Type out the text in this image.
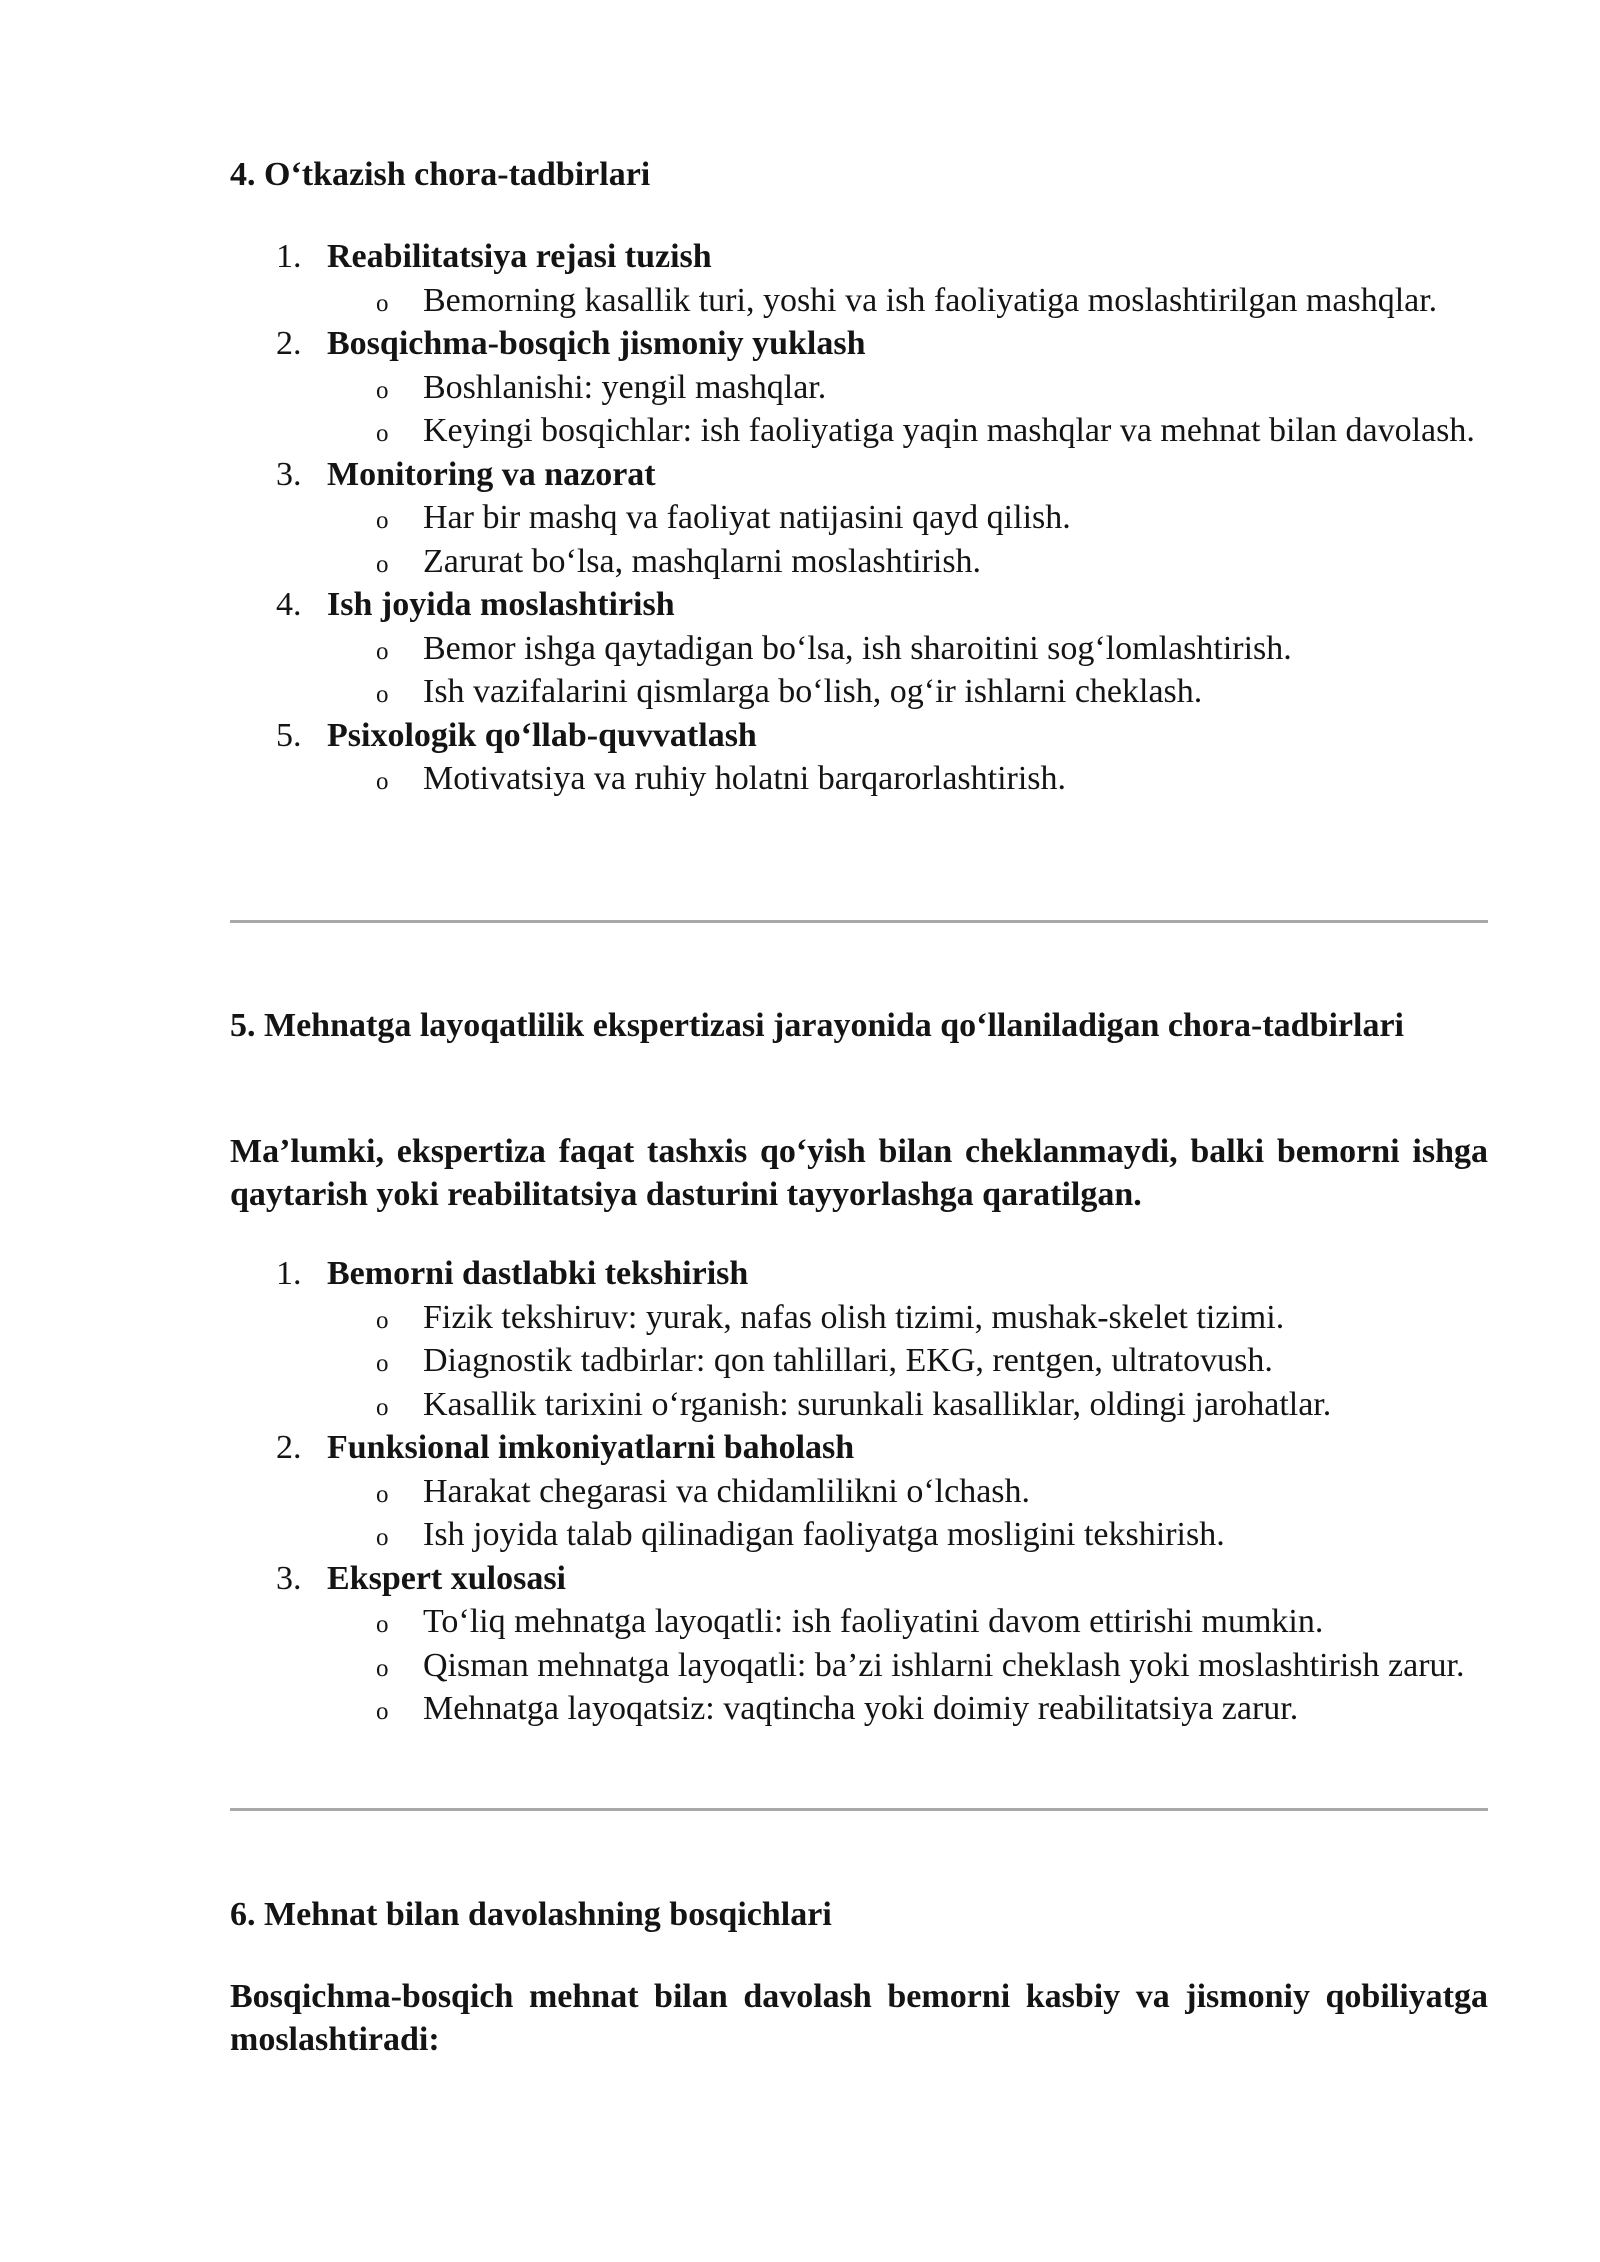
4. O‘tkazish chora-tadbirlari
1. Reabilitatsiya rejasi tuzish
o Bemorning kasallik turi, yoshi va ish faoliyatiga moslashtirilgan mashqlar.
2. Bosqichma-bosqich jismoniy yuklash
o Boshlanishi: yengil mashqlar.
o Keyingi bosqichlar: ish faoliyatiga yaqin mashqlar va mehnat bilan davolash.
3. Monitoring va nazorat
o Har bir mashq va faoliyat natijasini qayd qilish.
o Zarurat bo‘lsa, mashqlarni moslashtirish.
4. Ish joyida moslashtirish
o Bemor ishga qaytadigan bo‘lsa, ish sharoitini sog‘lomlashtirish.
o Ish vazifalarini qismlarga bo‘lish, og‘ir ishlarni cheklash.
5. Psixologik qo‘llab-quvvatlash
o Motivatsiya va ruhiy holatni barqarorlashtirish.
5. Mehnatga layoqatlilik ekspertizasi jarayonida qo‘llaniladigan chora-tadbirlari

Ma’lumki, ekspertiza faqat tashxis qo‘yish bilan cheklanmaydi, balki bemorni ishga qaytarish yoki reabilitatsiya dasturini tayyorlashga qaratilgan.

1. Bemorni dastlabki tekshirish
o Fizik tekshiruv: yurak, nafas olish tizimi, mushak-skelet tizimi.
o Diagnostik tadbirlar: qon tahlillari, EKG, rentgen, ultratovush.
o Kasallik tarixini o‘rganish: surunkali kasalliklar, oldingi jarohatlar.
2. Funksional imkoniyatlarni baholash
o Harakat chegarasi va chidamlilikni o‘lchash.
o Ish joyida talab qilinadigan faoliyatga mosligini tekshirish.
3. Ekspert xulosasi
o To‘liq mehnatga layoqatli: ish faoliyatini davom ettirishi mumkin.
o Qisman mehnatga layoqatli: ba’zi ishlarni cheklash yoki moslashtirish zarur.
o Mehnatga layoqatsiz: vaqtincha yoki doimiy reabilitatsiya zarur.
6. Mehnat bilan davolashning bosqichlari

Bosqichma-bosqich mehnat bilan davolash bemorni kasbiy va jismoniy qobiliyatga moslashtiradi:
